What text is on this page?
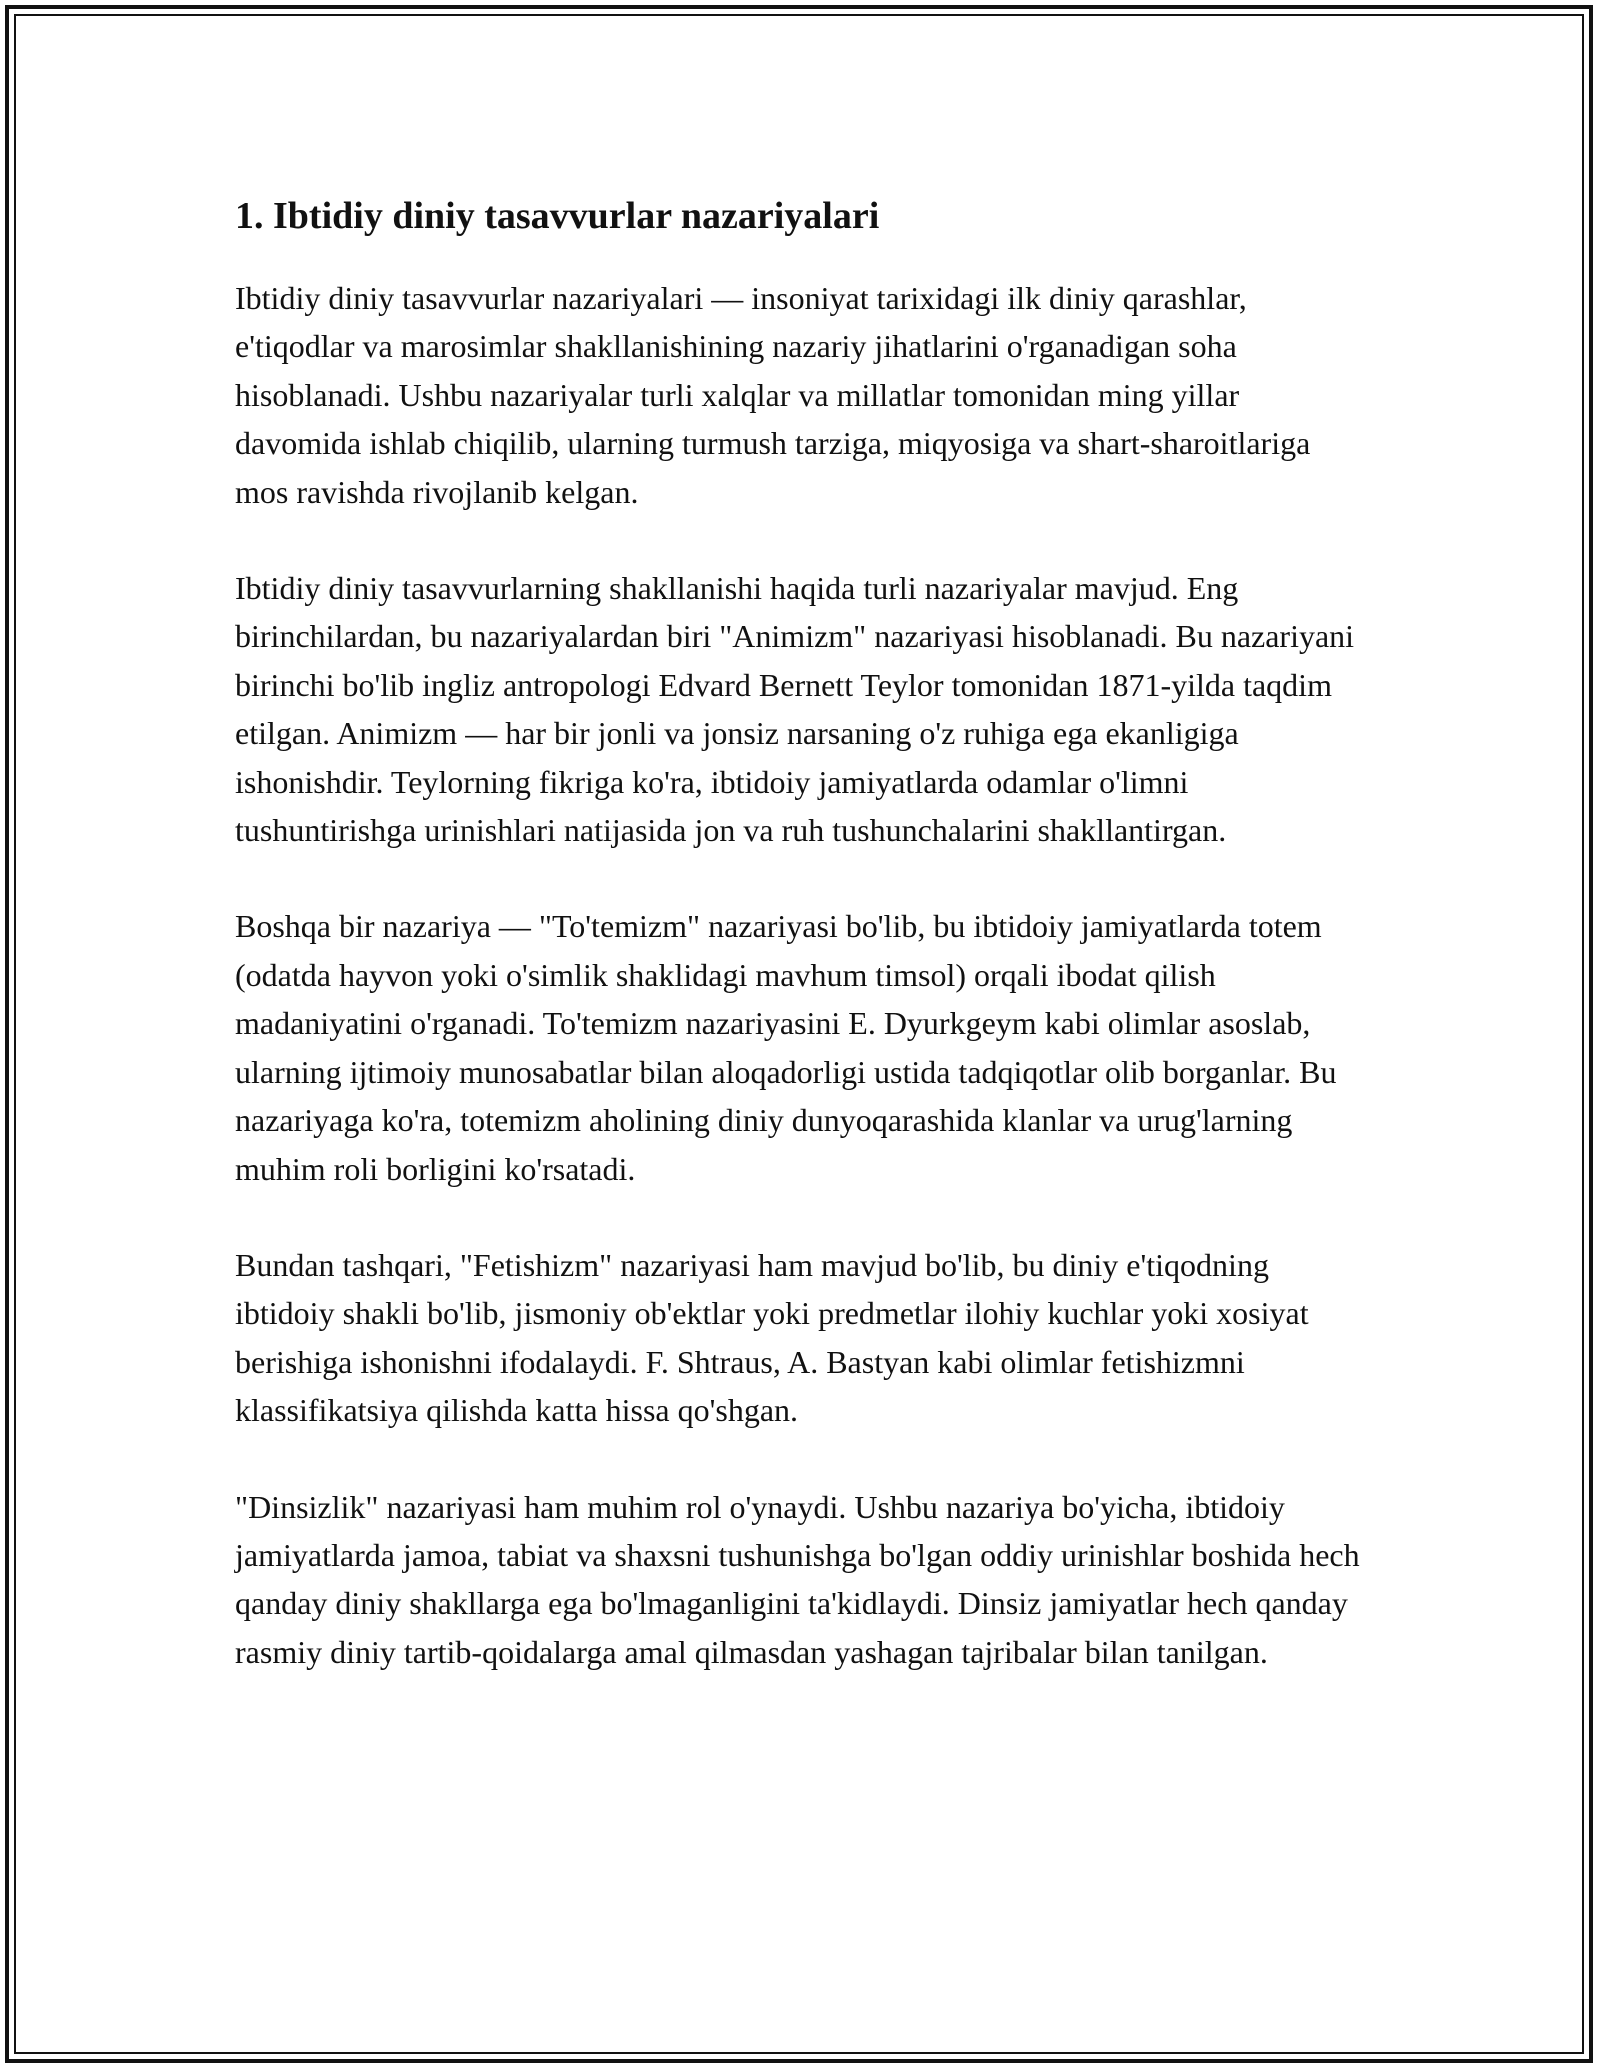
1. Ibtidiy diniy tasavvurlar nazariyalari

Ibtidiy diniy tasavvurlar nazariyalari — insoniyat tarixidagi ilk diniy qarashlar, e'tiqodlar va marosimlar shakllanishining nazariy jihatlarini o'rganadigan soha hisoblanadi. Ushbu nazariyalar turli xalqlar va millatlar tomonidan ming yillar davomida ishlab chiqilib, ularning turmush tarziga, miqyosiga va shart-sharoitlariga mos ravishda rivojlanib kelgan.

Ibtidiy diniy tasavvurlarning shakllanishi haqida turli nazariyalar mavjud. Eng birinchilardan, bu nazariyalardan biri "Animizm" nazariyasi hisoblanadi. Bu nazariyani birinchi bo'lib ingliz antropologi Edvard Bernett Teylor tomonidan 1871-yilda taqdim etilgan. Animizm — har bir jonli va jonsiz narsaning o'z ruhiga ega ekanligiga ishonishdir. Teylorning fikriga ko'ra, ibtidoiy jamiyatlarda odamlar o'limni tushuntirishga urinishlari natijasida jon va ruh tushunchalarini shakllantirgan.

Boshqa bir nazariya — "To'temizm" nazariyasi bo'lib, bu ibtidoiy jamiyatlarda totem (odatda hayvon yoki o'simlik shaklidagi mavhum timsol) orqali ibodat qilish madaniyatini o'rganadi. To'temizm nazariyasini E. Dyurkgeym kabi olimlar asoslab, ularning ijtimoiy munosabatlar bilan aloqadorligi ustida tadqiqotlar olib borganlar. Bu nazariyaga ko'ra, totemizm aholining diniy dunyoqarashida klanlar va urug'larning muhim roli borligini ko'rsatadi.

Bundan tashqari, "Fetishizm" nazariyasi ham mavjud bo'lib, bu diniy e'tiqodning ibtidoiy shakli bo'lib, jismoniy ob'ektlar yoki predmetlar ilohiy kuchlar yoki xosiyat berishiga ishonishni ifodalaydi. F. Shtraus, A. Bastyan kabi olimlar fetishizmni klassifikatsiya qilishda katta hissa qo'shgan.

"Dinsizlik" nazariyasi ham muhim rol o'ynaydi. Ushbu nazariya bo'yicha, ibtidoiy jamiyatlarda jamoa, tabiat va shaxsni tushunishga bo'lgan oddiy urinishlar boshida hech qanday diniy shakllarga ega bo'lmaganligini ta'kidlaydi. Dinsiz jamiyatlar hech qanday rasmiy diniy tartib-qoidalarga amal qilmasdan yashagan tajribalar bilan tanilgan.
